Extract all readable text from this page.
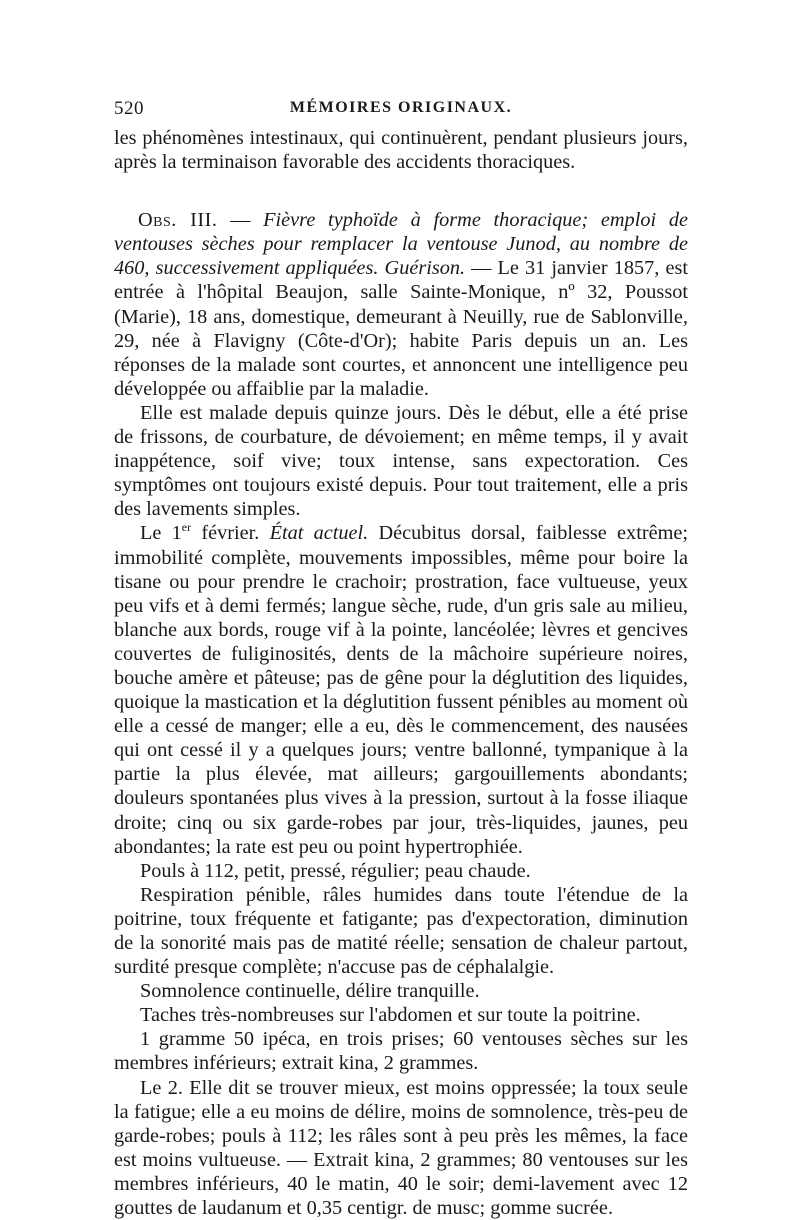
520	MÉMOIRES ORIGINAUX.

les phénomènes intestinaux, qui continuèrent, pendant plusieurs jours, après la terminaison favorable des accidents thoraciques.

Obs. III. — Fièvre typhoïde à forme thoracique; emploi de ventouses sèches pour remplacer la ventouse Junod, au nombre de 460, successivement appliquées. Guérison. — Le 31 janvier 1857, est entrée à l'hôpital Beaujon, salle Sainte-Monique, nº 32, Poussot (Marie), 18 ans, domestique, demeurant à Neuilly, rue de Sablonville, 29, née à Flavigny (Côte-d'Or); habite Paris depuis un an. Les réponses de la malade sont courtes, et annoncent une intelligence peu développée ou affaiblie par la maladie.

Elle est malade depuis quinze jours. Dès le début, elle a été prise de frissons, de courbature, de dévoiement; en même temps, il y avait inappétence, soif vive; toux intense, sans expectoration. Ces symptômes ont toujours existé depuis. Pour tout traitement, elle a pris des lavements simples.

Le 1er février. État actuel. Décubitus dorsal, faiblesse extrême; immobilité complète, mouvements impossibles, même pour boire la tisane ou pour prendre le crachoir; prostration, face vultueuse, yeux peu vifs et à demi fermés; langue sèche, rude, d'un gris sale au milieu, blanche aux bords, rouge vif à la pointe, lancéolée; lèvres et gencives couvertes de fuliginosités, dents de la mâchoire supérieure noires, bouche amère et pâteuse; pas de gêne pour la déglutition des liquides, quoique la mastication et la déglutition fussent pénibles au moment où elle a cessé de manger; elle a eu, dès le commencement, des nausées qui ont cessé il y a quelques jours; ventre ballonné, tympanique à la partie la plus élevée, mat ailleurs; gargouillements abondants; douleurs spontanées plus vives à la pression, surtout à la fosse iliaque droite; cinq ou six garde-robes par jour, très-liquides, jaunes, peu abondantes; la rate est peu ou point hypertrophiée.

Pouls à 112, petit, pressé, régulier; peau chaude.

Respiration pénible, râles humides dans toute l'étendue de la poitrine, toux fréquente et fatigante; pas d'expectoration, diminution de la sonorité mais pas de matité réelle; sensation de chaleur partout, surdité presque complète; n'accuse pas de céphalalgie.

Somnolence continuelle, délire tranquille.

Taches très-nombreuses sur l'abdomen et sur toute la poitrine.

1 gramme 50 ipéca, en trois prises; 60 ventouses sèches sur les membres inférieurs; extrait kina, 2 grammes.

Le 2. Elle dit se trouver mieux, est moins oppressée; la toux seule la fatigue; elle a eu moins de délire, moins de somnolence, très-peu de garde-robes; pouls à 112; les râles sont à peu près les mêmes, la face est moins vultueuse. — Extrait kina, 2 grammes; 80 ventouses sur les membres inférieurs, 40 le matin, 40 le soir; demi-lavement avec 12 gouttes de laudanum et 0,35 centigr. de musc; gomme sucrée.
